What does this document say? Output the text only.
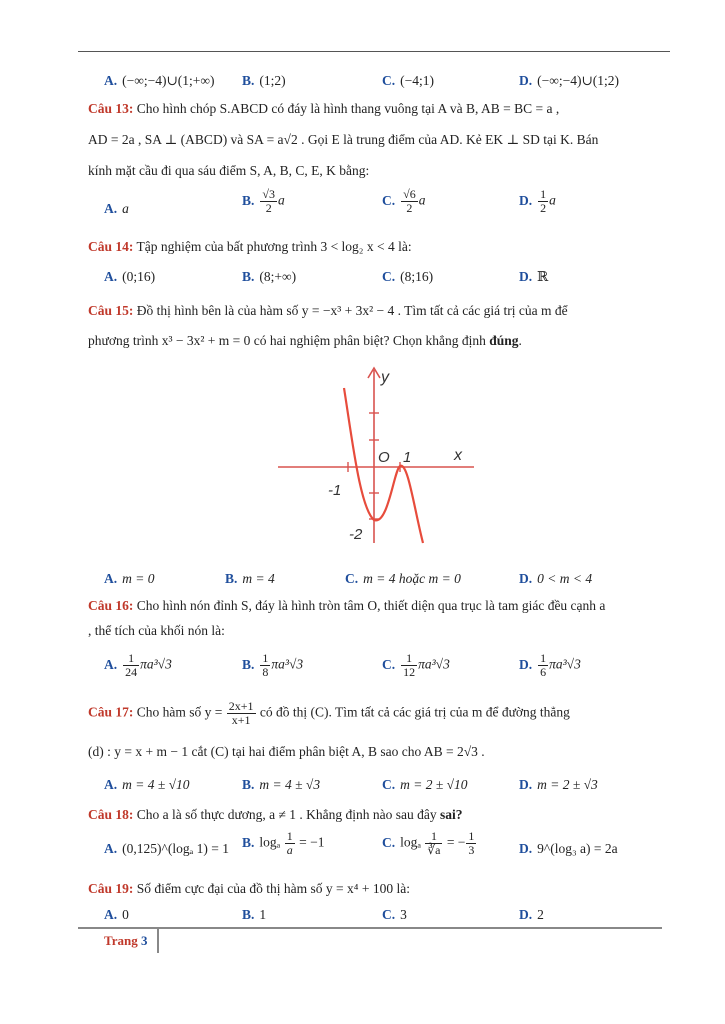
A. (−∞;−4)∪(1;+∞) B. (1;2)	C. (−4;1)	D. (−∞;−4)∪(1;2)
Câu 13: Cho hình chóp S.ABCD có đáy là hình thang vuông tại A và B, AB = BC = a ,
AD = 2a , SA ⊥ (ABCD) và SA = a√2 . Gọi E là trung điểm của AD. Kẻ EK ⊥ SD tại K. Bán
kính mặt cầu đi qua sáu điểm S, A, B, C, E, K bằng:
A. a
B. $\frac{√3}{2}$ a	C. $\frac{√6}{2}$ a	D. $\frac{1}{2}$ a
Câu 14: Tập nghiệm của bất phương trình 3 < log₂ x < 4 là:
A. (0;16)	B. (8;+∞)	C. (8;16)	D. ℝ
Câu 15: Đồ thị hình bên là của hàm số y = −x³ + 3x² − 4 . Tìm tất cả các giá trị của m để
phương trình x³ − 3x² + m = 0 có hai nghiệm phân biệt? Chọn khẳng định đúng.
y
x
O 1
-1
-2
A. m = 0	B. m = 4	C. m = 4 hoặc m = 0	D. 0 < m < 4
Câu 16: Cho hình nón đỉnh S, đáy là hình tròn tâm O, thiết diện qua trục là tam giác đều cạnh a
, thể tích của khối nón là:
A. $\frac{1}{24} \pi a^3√3$	B. $\frac{1}{8} \pi a^3√3$	C. $\frac{1}{12} \pi a^3√3$	D. $\frac{1}{6} \pi a^3√3$
Câu 17: Cho hàm số $y = \frac{2x+1}{x+1}$ có đồ thị (C). Tìm tất cả các giá trị của m để đường thẳng
(d) : y = x + m − 1 cắt (C) tại hai điểm phân biệt A, B sao cho AB = 2√3 .
A. m = 4 ± √10	B. m = 4 ± √3	C. m = 2 ± √10	D. m = 2 ± √3
Câu 18: Cho a là số thực dương, a ≠ 1 . Khẳng định nào sau đây sai?
A. (0,125)^(logₐ 1) = 1 B. logₐ $\frac{1}{a} = -1$	C. logₐ $\frac{1}{∛a}$ = − $\frac{1}{3}$	D. 9^(log₃ a) = 2a
Câu 19: Số điểm cực đại của đồ thị hàm số y = x⁴ + 100 là:
A. 0	B. 1	C. 3	D. 2
Trang 3
